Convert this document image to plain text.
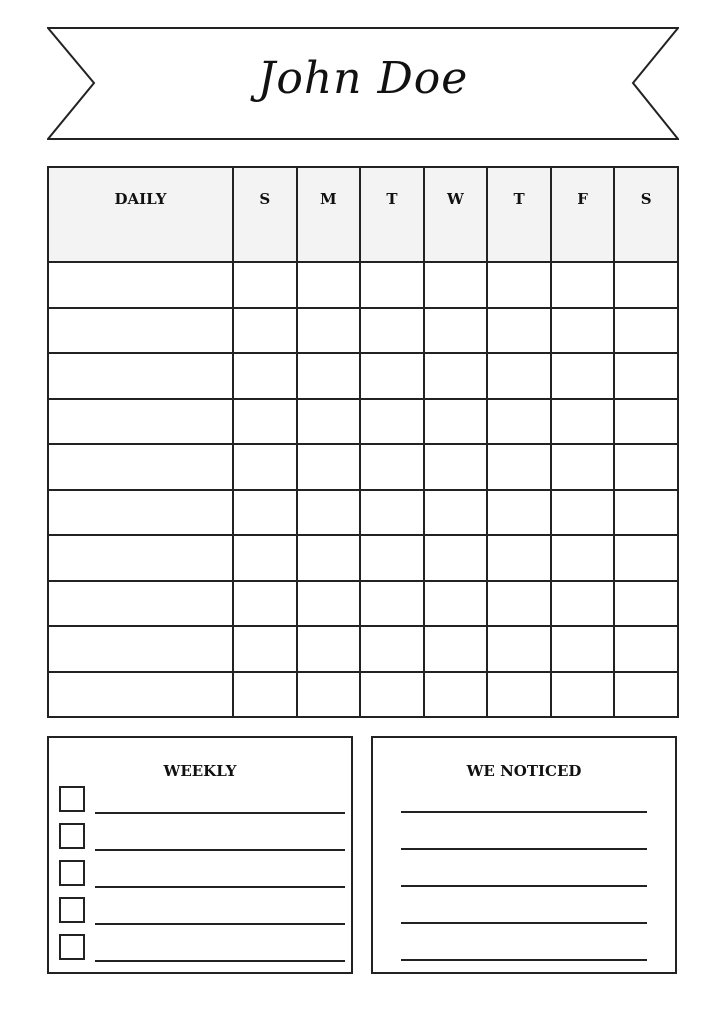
John Doe
DAILY	S	M	T	W	T	F	S

WEEKLY	WE NOTICED
